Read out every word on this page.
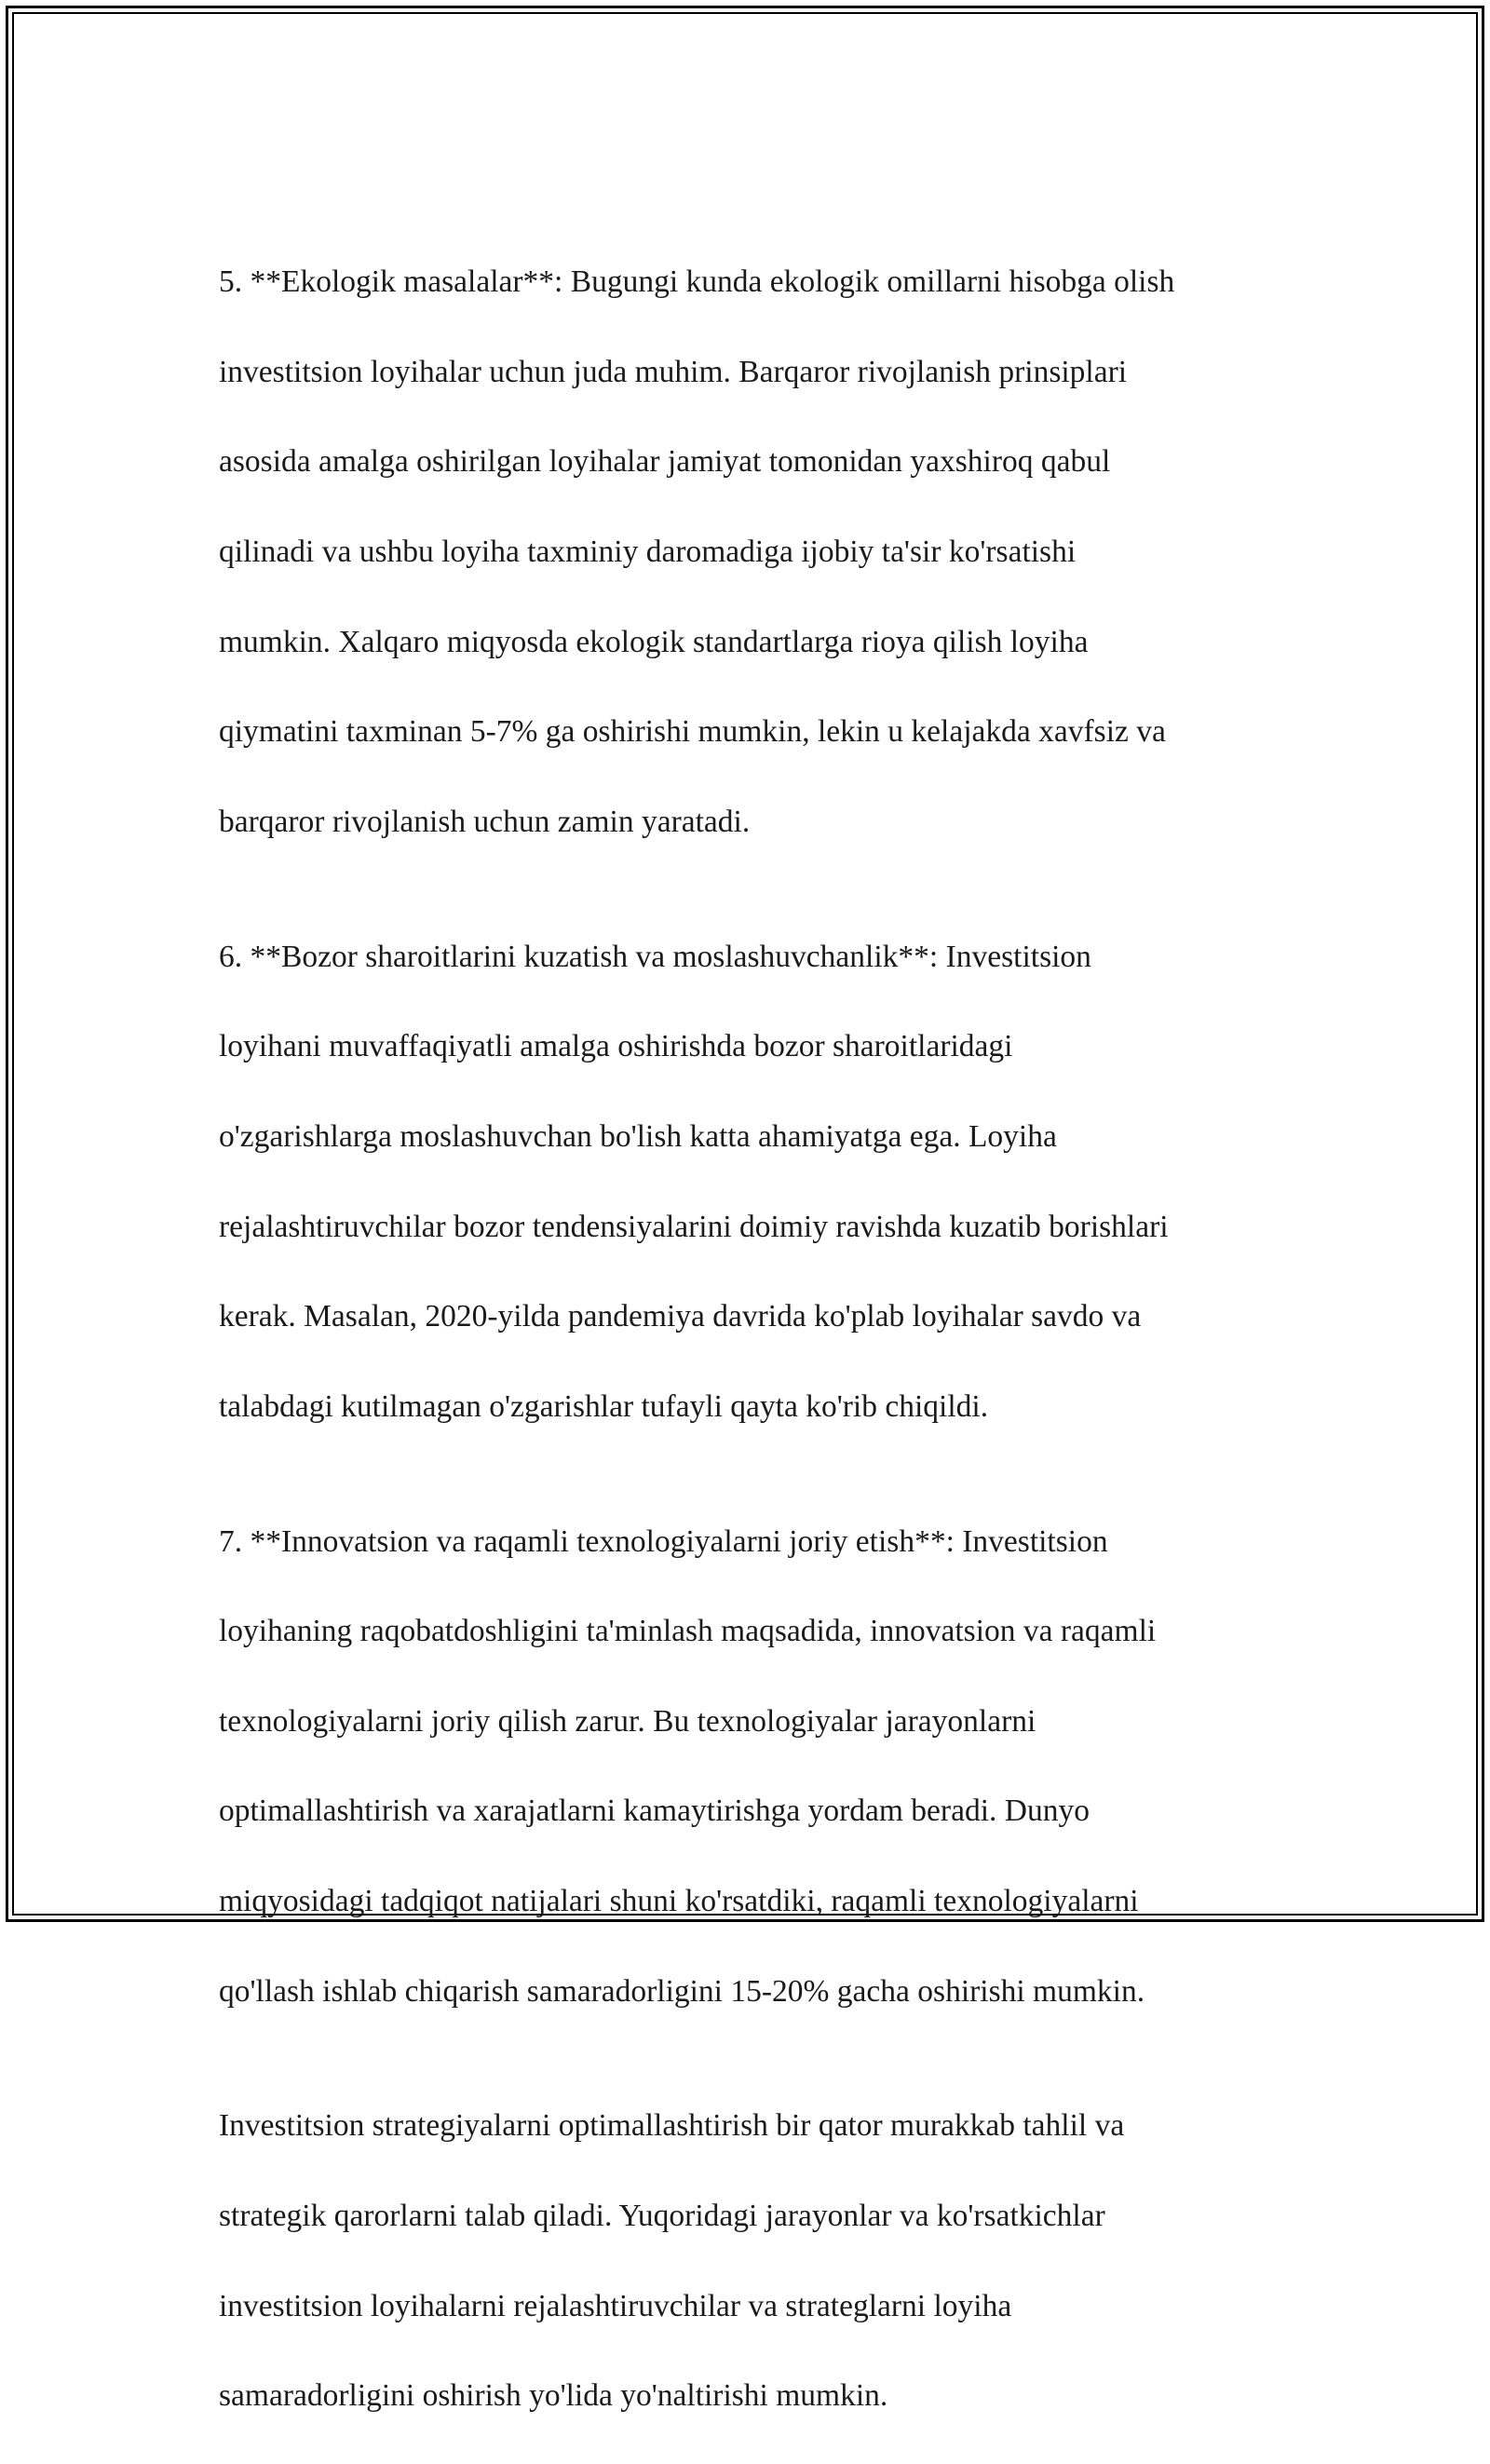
5. **Ekologik masalalar**: Bugungi kunda ekologik omillarni hisobga olish

investitsion loyihalar uchun juda muhim. Barqaror rivojlanish prinsiplari

asosida amalga oshirilgan loyihalar jamiyat tomonidan yaxshiroq qabul

qilinadi va ushbu loyiha taxminiy daromadiga ijobiy ta'sir ko'rsatishi

mumkin. Xalqaro miqyosda ekologik standartlarga rioya qilish loyiha

qiymatini taxminan 5-7% ga oshirishi mumkin, lekin u kelajakda xavfsiz va

barqaror rivojlanish uchun zamin yaratadi.

6. **Bozor sharoitlarini kuzatish va moslashuvchanlik**: Investitsion

loyihani muvaffaqiyatli amalga oshirishda bozor sharoitlaridagi

o'zgarishlarga moslashuvchan bo'lish katta ahamiyatga ega. Loyiha

rejalashtiruvchilar bozor tendensiyalarini doimiy ravishda kuzatib borishlari

kerak. Masalan, 2020-yilda pandemiya davrida ko'plab loyihalar savdo va

talabdagi kutilmagan o'zgarishlar tufayli qayta ko'rib chiqildi.

7. **Innovatsion va raqamli texnologiyalarni joriy etish**: Investitsion

loyihaning raqobatdoshligini ta'minlash maqsadida, innovatsion va raqamli

texnologiyalarni joriy qilish zarur. Bu texnologiyalar jarayonlarni

optimallashtirish va xarajatlarni kamaytirishga yordam beradi. Dunyo

miqyosidagi tadqiqot natijalari shuni ko'rsatdiki, raqamli texnologiyalarni

qo'llash ishlab chiqarish samaradorligini 15-20% gacha oshirishi mumkin.

Investitsion strategiyalarni optimallashtirish bir qator murakkab tahlil va

strategik qarorlarni talab qiladi. Yuqoridagi jarayonlar va ko'rsatkichlar

investitsion loyihalarni rejalashtiruvchilar va strateglarni loyiha

samaradorligini oshirish yo'lida yo'naltirishi mumkin.
